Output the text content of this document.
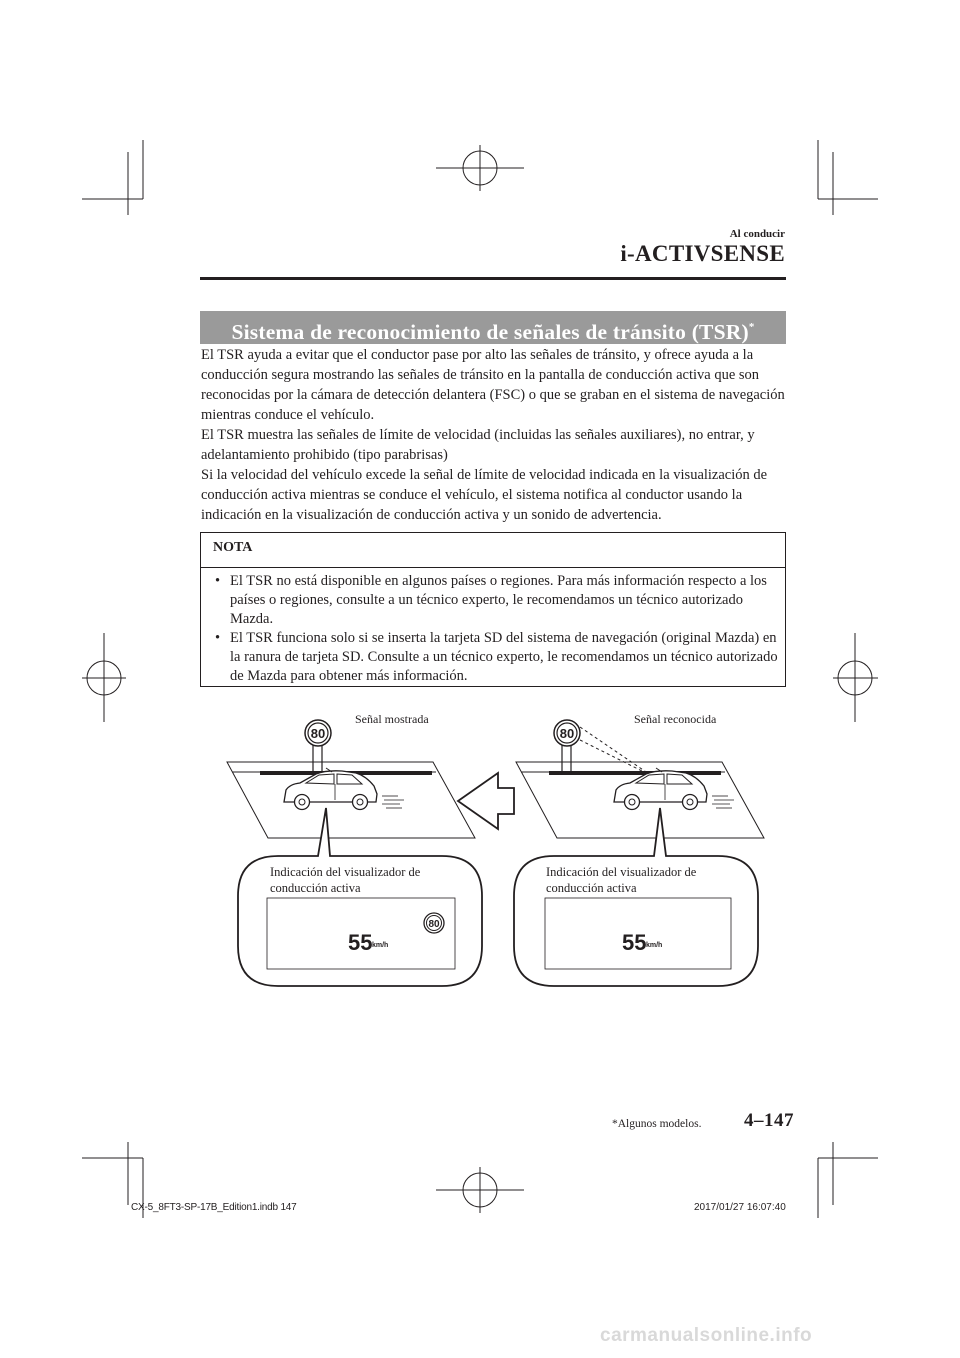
Al conducir
i-ACTIVSENSE
Sistema de reconocimiento de señales de tránsito (TSR)*

El TSR ayuda a evitar que el conductor pase por alto las señales de tránsito, y ofrece ayuda a la conducción segura mostrando las señales de tránsito en la pantalla de conducción activa que son reconocidas por la cámara de detección delantera (FSC) o que se graban en el sistema de navegación mientras conduce el vehículo.

El TSR muestra las señales de límite de velocidad (incluidas las señales auxiliares), no entrar, y adelantamiento prohibido (tipo parabrisas)

Si la velocidad del vehículo excede la señal de límite de velocidad indicada en la visualización de conducción activa mientras se conduce el vehículo, el sistema notifica al conductor usando la indicación en la visualización de conducción activa y un sonido de advertencia.

NOTA
• El TSR no está disponible en algunos países o regiones. Para más información respecto a los países o regiones, consulte a un técnico experto, le recomendamos un técnico autorizado Mazda.
• El TSR funciona solo si se inserta la tarjeta SD del sistema de navegación (original Mazda) en la ranura de tarjeta SD. Consulte a un técnico experto, le recomendamos un técnico autorizado de Mazda para obtener más información.
Señal mostrada	Señal reconocida
80	80
80
Indicación del visualizador de
conducción activa
Indicación del visualizador de
conducción activa
55 km/h	55 km/h
*Algunos modelos. 4–147
CX-5_8FT3-SP-17B_Edition1.indb 147	2017/01/27 16:07:40
carmanualsonline.info
